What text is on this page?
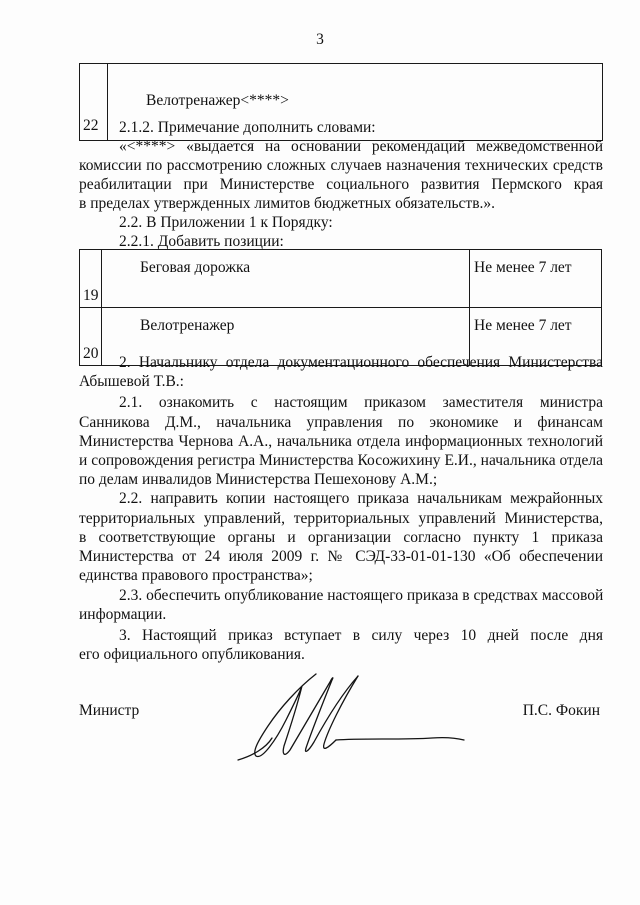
3
22	Велотренажер<****>
2.1.2. Примечание дополнить словами:
«<****> «выдается на основании рекомендаций межведомственной
комиссии по рассмотрению сложных случаев назначения технических средств
реабилитации при Министерстве социального развития Пермского края
в пределах утвержденных лимитов бюджетных обязательств.».
2.2. В Приложении 1 к Порядку:
2.2.1. Добавить позиции:
19	Беговая дорожка	Не менее 7 лет
20	Велотренажер	Не менее 7 лет
2. Начальнику отдела документационного обеспечения Министерства
Абышевой Т.В.:
2.1. ознакомить с настоящим приказом заместителя министра
Санникова Д.М., начальника управления по экономике и финансам
Министерства Чернова А.А., начальника отдела информационных технологий
и сопровождения регистра Министерства Косожихину Е.И., начальника отдела
по делам инвалидов Министерства Пешехонову А.М.;
2.2. направить копии настоящего приказа начальникам межрайонных
территориальных управлений, территориальных управлений Министерства,
в соответствующие органы и организации согласно пункту 1 приказа
Министерства от 24 июля 2009 г. № СЭД-33-01-01-130 «Об обеспечении
единства правового пространства»;
2.3. обеспечить опубликование настоящего приказа в средствах массовой
информации.
3. Настоящий приказ вступает в силу через 10 дней после дня
его официального опубликования.
Министр	П.С. Фокин
